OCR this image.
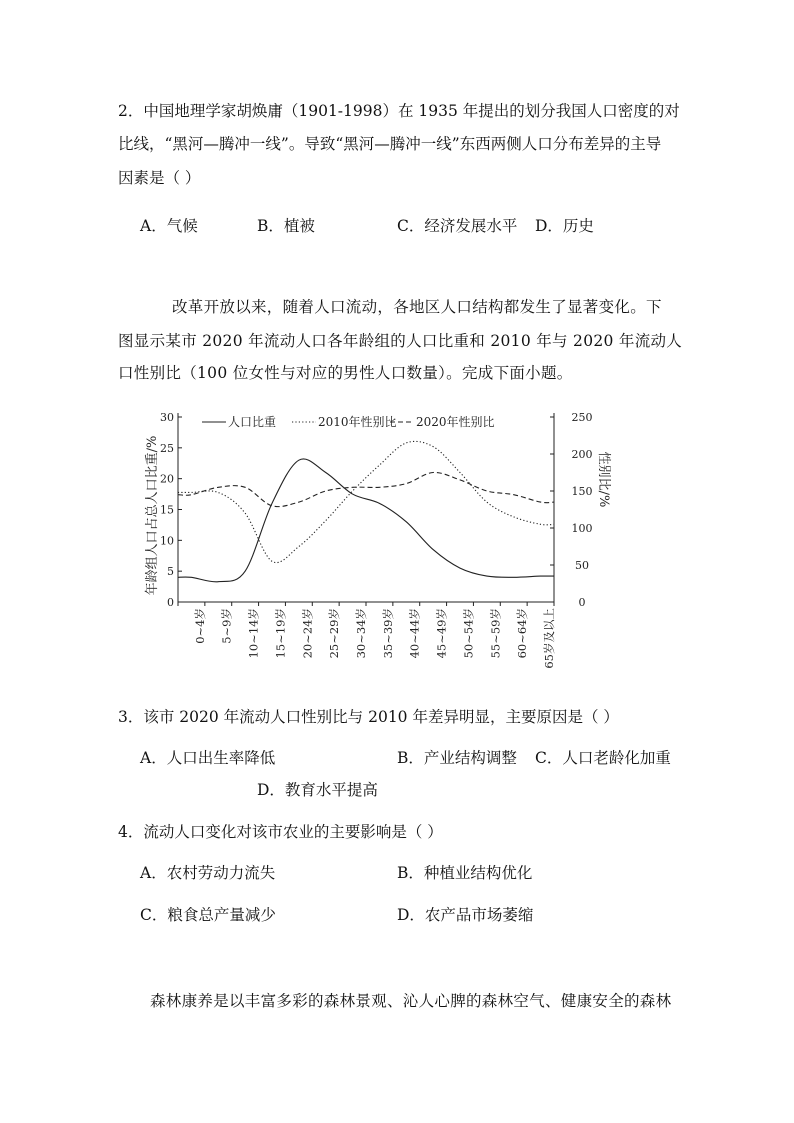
2．中国地理学家胡焕庸（1901-1998）在 1935 年提出的划分我国人口密度的对
比线，“黑河—腾冲一线”。导致“黑河—腾冲一线”东西两侧人口分布差异的主导
因素是（ ）
A．气候	B．植被	C．经济发展水平 D．历史
改革开放以来，随着人口流动，各地区人口结构都发生了显著变化。下
图显示某市 2020 年流动人口各年龄组的人口比重和 2010 年与 2020 年流动人
口性别比（100 位女性与对应的男性人口数量）。完成下面小题。
0
5
10
15
20
25
30
0
50
100
150
200
250
0~4岁 5~9岁 10~14岁 15~19岁 20~24岁 25~29岁 30~34岁 35~39岁 40~44岁 45~49岁 50~54岁 55~59岁 60~64岁 65岁及以上
人口比重	2010年性别比 2020年性别比
年龄组人口占总人口比重/%	性别比/%
3．该市 2020 年流动人口性别比与 2010 年差异明显，主要原因是（ ）
A．人口出生率降低	B．产业结构调整 C．人口老龄化加重
D．教育水平提高
4．流动人口变化对该市农业的主要影响是（ ）
A．农村劳动力流失	B．种植业结构优化
C．粮食总产量减少	D．农产品市场萎缩
森林康养是以丰富多彩的森林景观、沁人心脾的森林空气、健康安全的森林
